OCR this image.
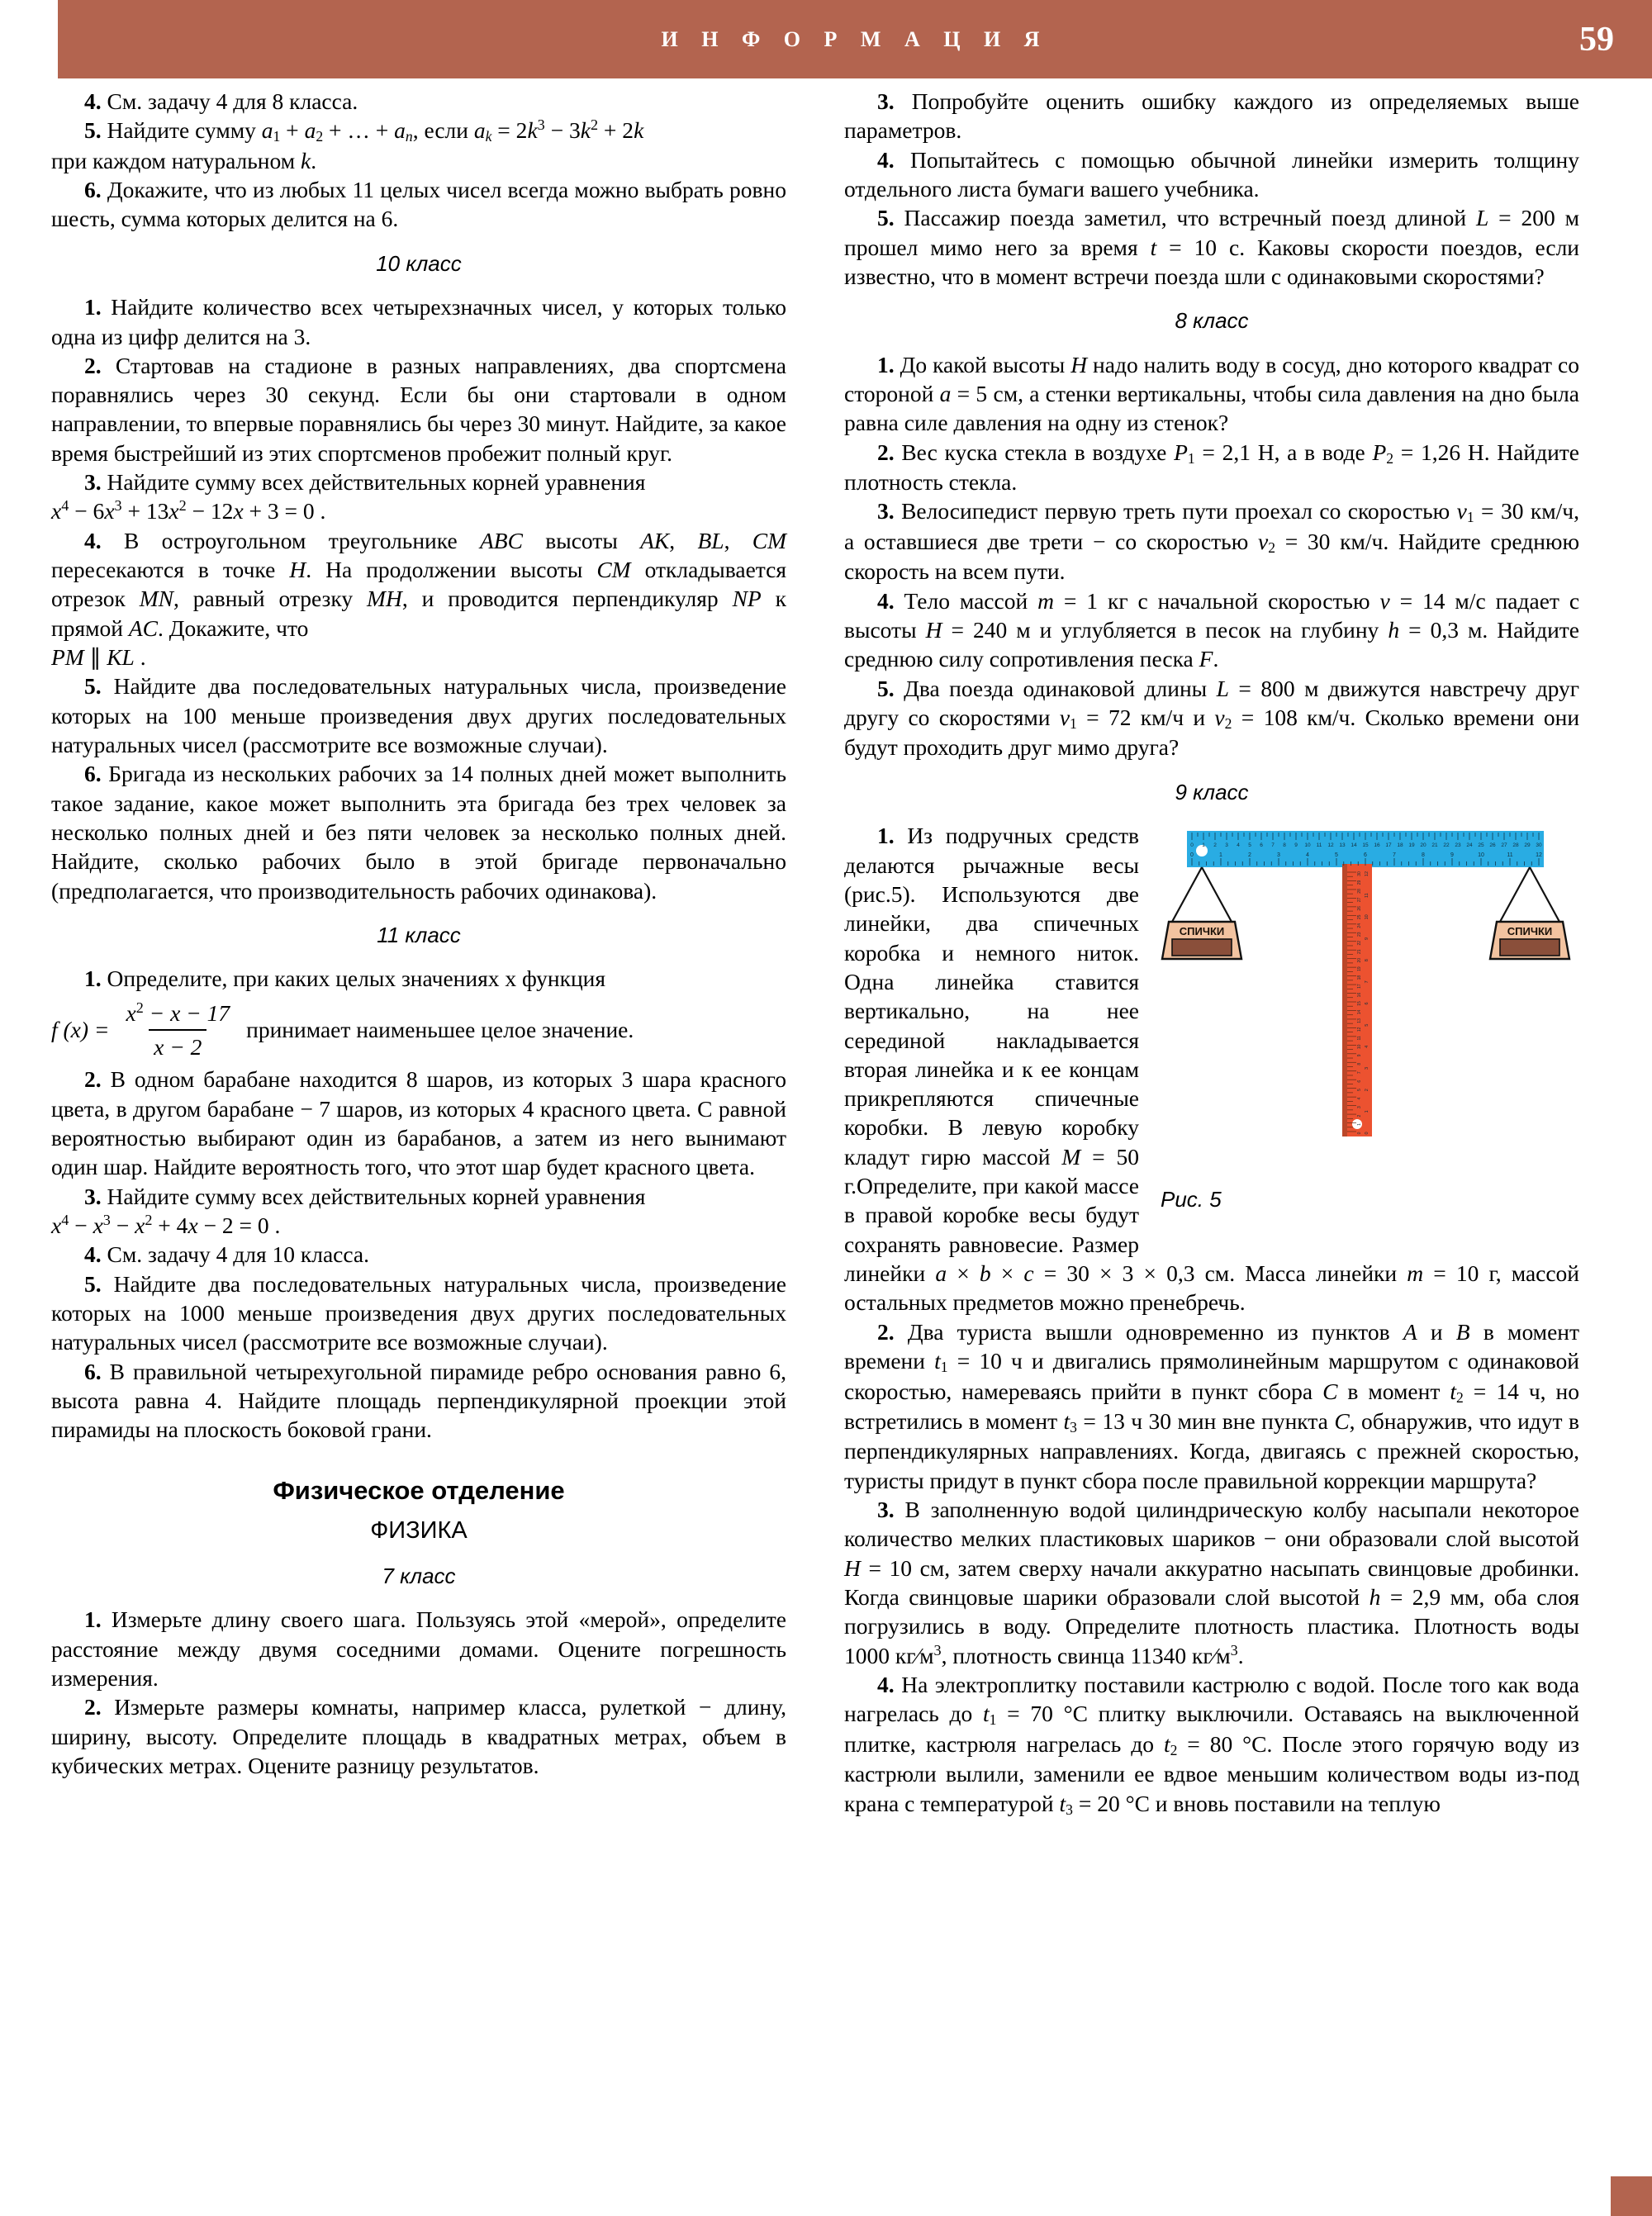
И Н Ф О Р М А Ц И Я	59

4. См. задачу 4 для 8 класса.

5. Найдите сумму $a_1 + a_2$ + … + $a_n$, если $a_k = 2k^3 - 3k^2 + 2k$

при каждом натуральном k.

6. Докажите, что из любых 11 целых чисел всегда можно выбрать ровно шесть, сумма которых делится на 6.

10 класс

1. Найдите количество всех четырехзначных чисел, у которых только одна из цифр делится на 3.

2. Стартовав на стадионе в разных направлениях, два спортсмена поравнялись через 30 секунд. Если бы они стартовали в одном направлении, то впервые поравнялись бы через 30 минут. Найдите, за какое время быстрейший из этих спортсменов пробежит полный круг.

3. Найдите сумму всех действительных корней уравнения

$x^4 - 6x^3 + 13x^2 - 12x + 3 = 0$ .

4. В остроугольном треугольнике ABC высоты AK, BL, CM пересекаются в точке H. На продолжении высоты CM откладывается отрезок MN, равный отрезку MH, и проводится перпендикуляр NP к прямой AC. Докажите, что

PM ∥ KL .

5. Найдите два последовательных натуральных числа, произведение которых на 100 меньше произведения двух других последовательных натуральных чисел (рассмотрите все возможные случаи).

6. Бригада из нескольких рабочих за 14 полных дней может выполнить такое задание, какое может выполнить эта бригада без трех человек за несколько полных дней и без пяти человек за несколько полных дней. Найдите, сколько рабочих было в этой бригаде первоначально (предполагается, что производительность рабочих одинакова).

11 класс

1. Определите, при каких целых значениях x функция

f $(x) = \frac{x^2 - x - 17}{x - 2}$ принимает наименьшее целое значение.

2. В одном барабане находится 8 шаров, из которых 3 шара красного цвета, в другом барабане − 7 шаров, из которых 4 красного цвета. С равной вероятностью выбирают один из барабанов, а затем из него вынимают один шар. Найдите вероятность того, что этот шар будет красного цвета.

3. Найдите сумму всех действительных корней уравнения

$x^4 - x^3 - x^2 + 4x - 2 = 0$ .

4. См. задачу 4 для 10 класса.

5. Найдите два последовательных натуральных числа, произведение которых на 1000 меньше произведения двух других последовательных натуральных чисел (рассмотрите все возможные случаи).

6. В правильной четырехугольной пирамиде ребро основания равно 6, высота равна 4. Найдите площадь перпендикулярной проекции этой пирамиды на плоскость боковой грани.

Физическое отделение

ФИЗИКА

7 класс

1. Измерьте длину своего шага. Пользуясь этой «мерой», определите расстояние между двумя соседними домами. Оцените погрешность измерения.

2. Измерьте размеры комнаты, например класса, рулеткой − длину, ширину, высоту. Определите площадь в квадратных метрах, объем в кубических метрах. Оцените разницу результатов.

3. Попробуйте оценить ошибку каждого из определяемых выше параметров.

4. Попытайтесь с помощью обычной линейки измерить толщину отдельного листа бумаги вашего учебника.

5. Пассажир поезда заметил, что встречный поезд длиной L = 200 м прошел мимо него за время t = 10 с. Каковы скорости поездов, если известно, что в момент встречи поезда шли с одинаковыми скоростями?

8 класс

1. До какой высоты H надо налить воду в сосуд, дно которого квадрат со стороной a = 5 см, а стенки вертикальны, чтобы сила давления на дно была равна силе давления на одну из стенок?

2. Вес куска стекла в воздухе $P_1 = 2,1$ Н, а в воде $P_2 = 1,26$ Н. Найдите плотность стекла.

3. Велосипедист первую треть пути проехал со скоростью $v_1 = 30$ км/ч, а оставшиеся две трети − со скоростью $v_2 = 30$ км/ч. Найдите среднюю скорость на всем пути.

4. Тело массой m = 1 кг с начальной скоростью v = 14 м/с падает с высоты H = 240 м и углубляется в песок на глубину h = 0,3 м. Найдите среднюю силу сопротивления песка F.

5. Два поезда одинаковой длины L = 800 м движутся навстречу друг другу со скоростями $v_1 = 72$ км/ч и $v_2 = 108$ км/ч. Сколько времени они будут проходить друг мимо друга?

9 класс

СПИЧКИ	СПИЧКИ
0 1 2 3 4 5 6 7 8 9 10 11 12 13 14 15 16 17 18 19 20 21 22 23 24 25 26 27 28 29 30
0	1	2	3	4	5	6	7	8	9	10	11	12
0
1
2
3
4
5
6
7
8
9
10
11
12
13
14
15
16
17
18
19
20
21
22
23
24
25
26
27
28
29
30
0
1
2
3
4
5
6
7
8
9
10
11
12
Рис. 5

1. Из подручных средств делаются рычажные весы (рис.5). Используются две линейки, два спичечных коробка и немного ниток. Одна линейка ставится вертикально, на нее серединой накладывается вторая линейка и к ее концам прикрепляются спичечные коробки. В левую коробку кладут гирю массой M = 50 г.Определите, при какой массе в правой коробке весы будут сохранять равновесие. Размер линейки a × b × c = 30 × 3 × 0,3 см. Масса линейки m = 10 г, массой остальных предметов можно пренебречь.

2. Два туриста вышли одновременно из пунктов A и B в момент времени $t_1 = 10$ ч и двигались прямолинейным маршрутом с одинаковой скоростью, намереваясь прийти в пункт сбора C в момент $t_2 = 14$ ч, но встретились в момент $t_3 = 13$ ч 30 мин вне пункта C, обнаружив, что идут в перпендикулярных направлениях. Когда, двигаясь с прежней скоростью, туристы придут в пункт сбора после правильной коррекции маршрута?

3. В заполненную водой цилиндрическую колбу насыпали некоторое количество мелких пластиковых шариков − они образовали слой высотой H = 10 см, затем сверху начали аккуратно насыпать свинцовые дробинки. Когда свинцовые шарики образовали слой высотой h = 2,9 мм, оба слоя погрузились в воду. Определите плотность пластика. Плотность воды 1000 $кг⁄м^3$, плотность свинца 11340 $кг⁄м^3$.

4. На электроплитку поставили кастрюлю с водой. После того как вода нагрелась до $t_1 = 70$ °C плитку выключили. Оставаясь на выключенной плитке, кастрюля нагрелась до $t_2 = 80$ °C. После этого горячую воду из кастрюли вылили, заменили ее вдвое меньшим количеством воды из-под крана с температурой $t_3 = 20$ °C и вновь поставили на теплую
